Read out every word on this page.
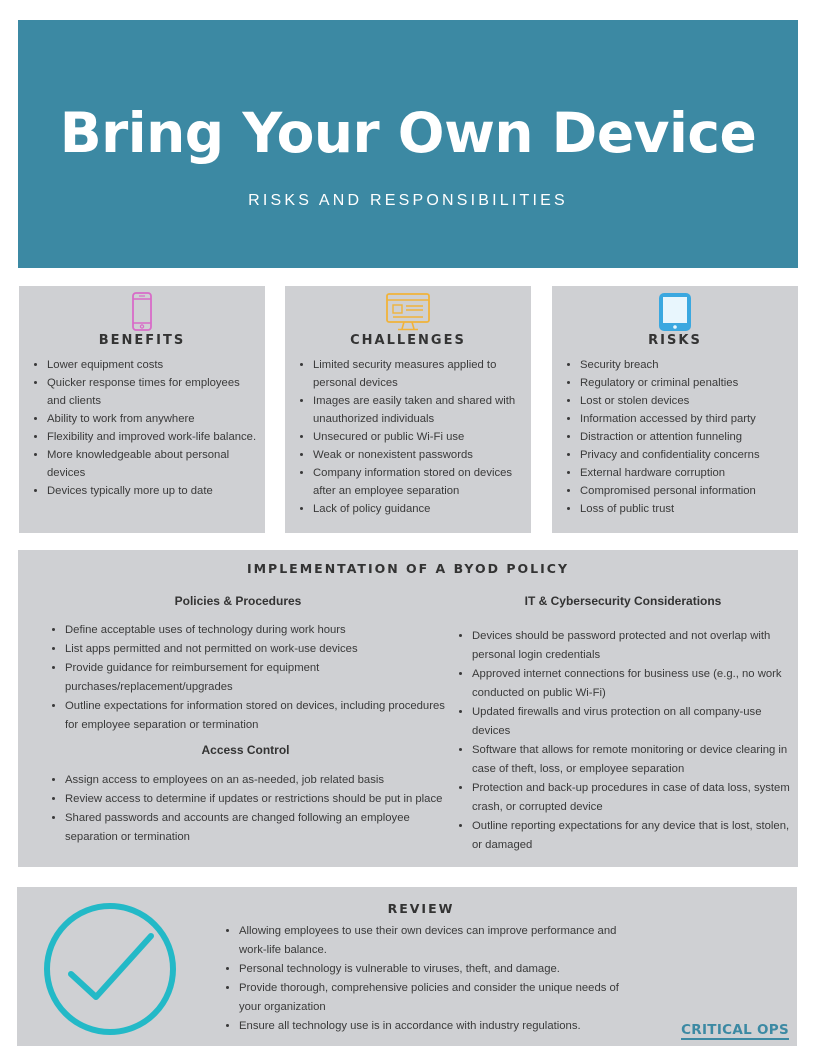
Bring Your Own Device
RISKS AND RESPONSIBILITIES
BENEFITS
• Lower equipment costs
• Quicker response times for employees and clients
• Ability to work from anywhere
• Flexibility and improved work-life balance.
• More knowledgeable about personal devices
• Devices typically more up to date
CHALLENGES
• Limited security measures applied to personal devices
• Images are easily taken and shared with unauthorized individuals
• Unsecured or public Wi-Fi use
• Weak or nonexistent passwords
• Company information stored on devices after an employee separation
• Lack of policy guidance
RISKS
• Security breach
• Regulatory or criminal penalties
• Lost or stolen devices
• Information accessed by third party
• Distraction or attention funneling
• Privacy and confidentiality concerns
• External hardware corruption
• Compromised personal information
• Loss of public trust
IMPLEMENTATION OF A BYOD POLICY
Policies & Procedures
• Define acceptable uses of technology during work hours
• List apps permitted and not permitted on work-use devices
• Provide guidance for reimbursement for equipment purchases/replacement/upgrades
• Outline expectations for information stored on devices, including procedures for employee separation or termination
Access Control
• Assign access to employees on an as-needed, job related basis
• Review access to determine if updates or restrictions should be put in place
• Shared passwords and accounts are changed following an employee separation or termination
IT & Cybersecurity Considerations
• Devices should be password protected and not overlap with personal login credentials
• Approved internet connections for business use (e.g., no work conducted on public Wi-Fi)
• Updated firewalls and virus protection on all company-use devices
• Software that allows for remote monitoring or device clearing in case of theft, loss, or employee separation
• Protection and back-up procedures in case of data loss, system crash, or corrupted device
• Outline reporting expectations for any device that is lost, stolen, or damaged
REVIEW
• Allowing employees to use their own devices can improve performance and work-life balance.
• Personal technology is vulnerable to viruses, theft, and damage.
• Provide thorough, comprehensive policies and consider the unique needs of your organization
• Ensure all technology use is in accordance with industry regulations.	CRITICAL OPS
